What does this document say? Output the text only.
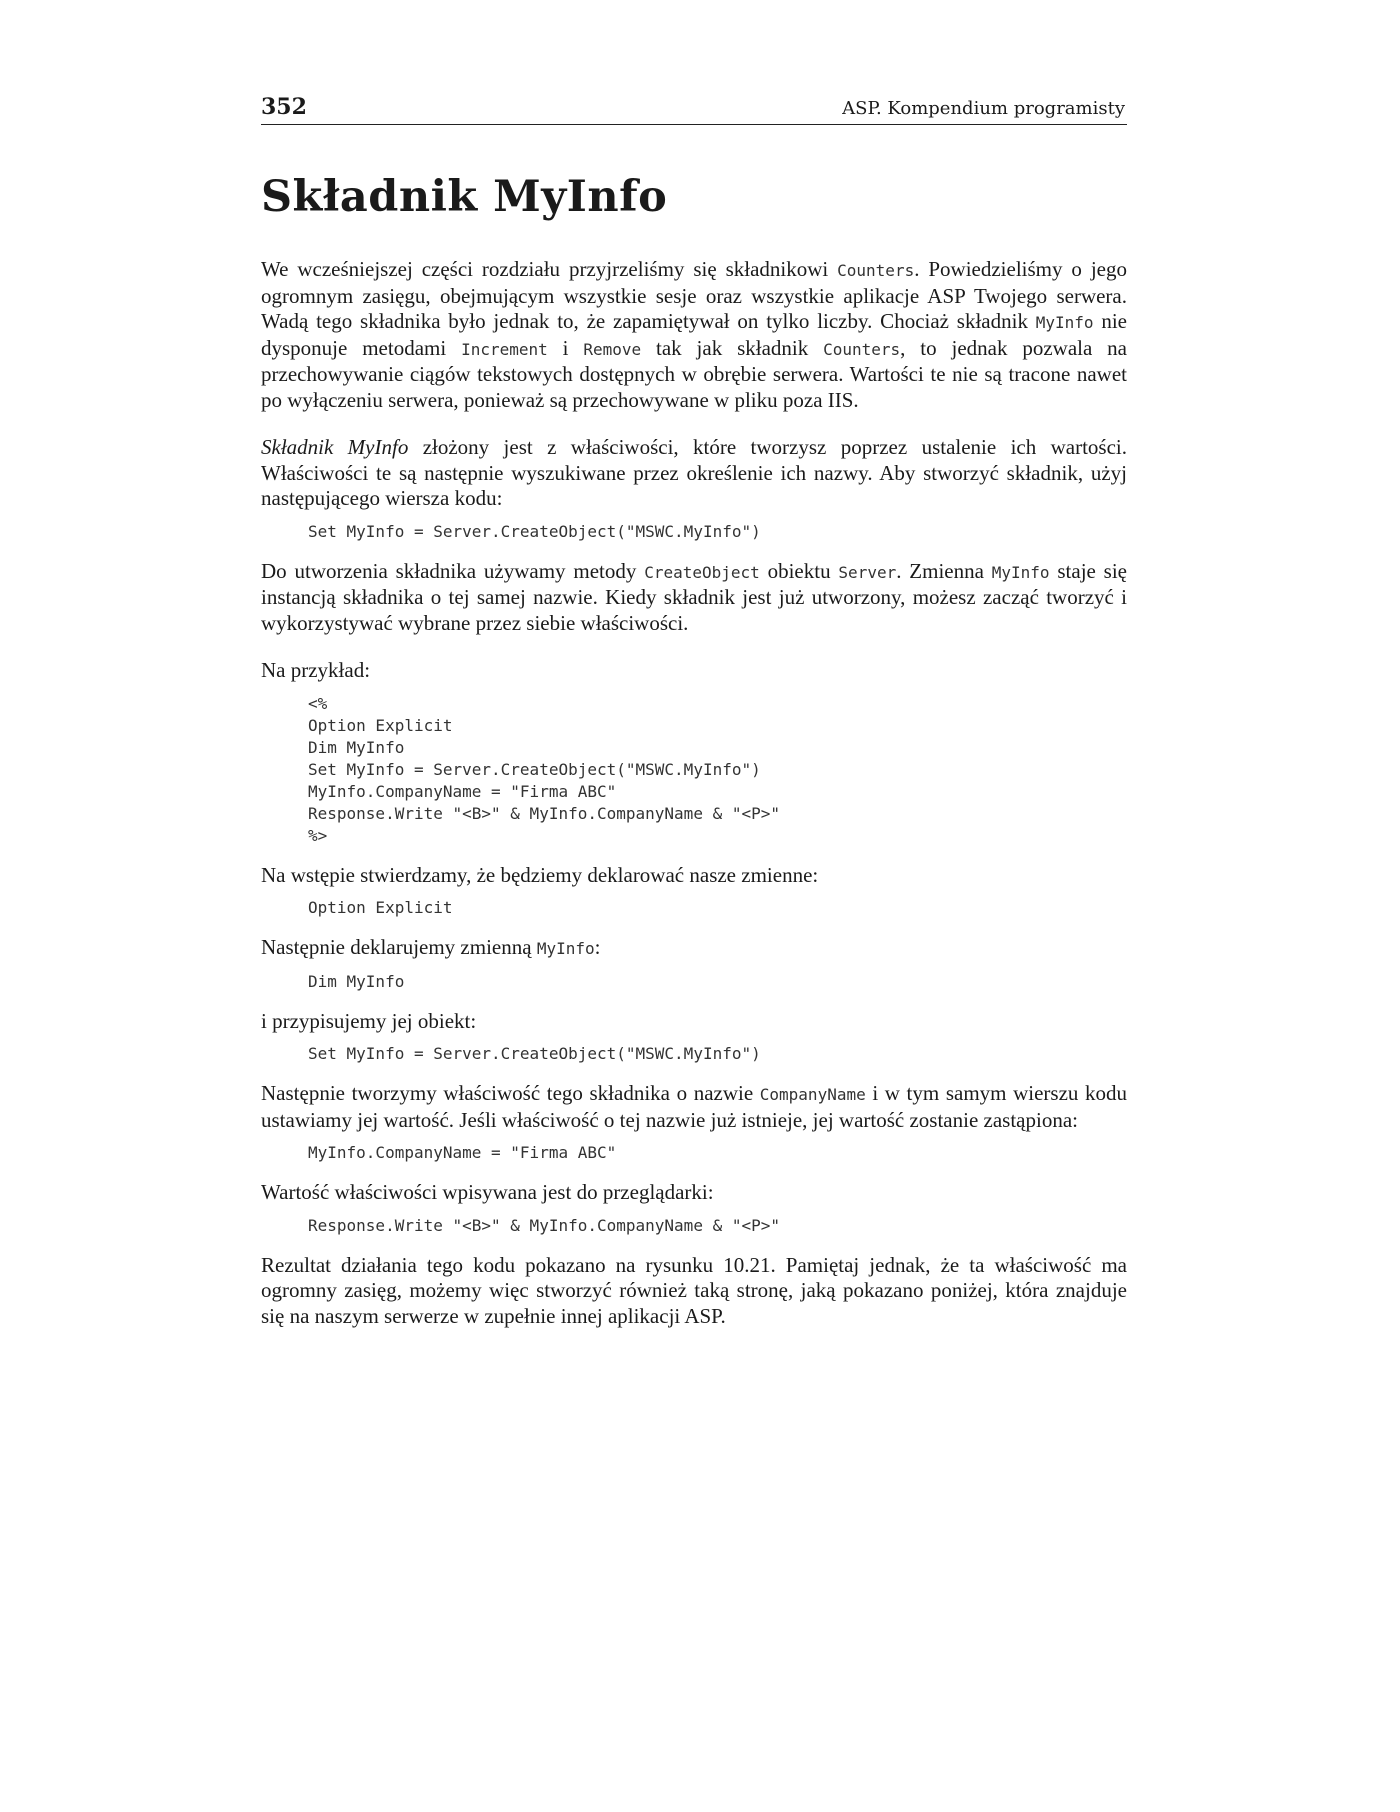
352	ASP. Kompendium programisty
Składnik MyInfo

We wcześniejszej części rozdziału przyjrzeliśmy się składnikowi Counters. Powiedzieliśmy o jego ogromnym zasięgu, obejmującym wszystkie sesje oraz wszystkie aplikacje ASP Twojego serwera. Wadą tego składnika było jednak to, że zapamiętywał on tylko liczby. Chociaż składnik MyInfo nie dysponuje metodami Increment i Remove tak jak składnik Counters, to jednak pozwala na przechowywanie ciągów tekstowych dostępnych w obrębie serwera. Wartości te nie są tracone nawet po wyłączeniu serwera, ponieważ są przechowywane w pliku poza IIS.

Składnik MyInfo złożony jest z właściwości, które tworzysz poprzez ustalenie ich wartości. Właściwości te są następnie wyszukiwane przez określenie ich nazwy. Aby stworzyć składnik, użyj następującego wiersza kodu:

Set MyInfo = Server.CreateObject("MSWC.MyInfo")

Do utworzenia składnika używamy metody CreateObject obiektu Server. Zmienna MyInfo staje się instancją składnika o tej samej nazwie. Kiedy składnik jest już utworzony, możesz zacząć tworzyć i wykorzystywać wybrane przez siebie właściwości.

Na przykład:

<%
Option Explicit
Dim MyInfo
Set MyInfo = Server.CreateObject("MSWC.MyInfo")
MyInfo.CompanyName = "Firma ABC"
Response.Write "<B>" & MyInfo.CompanyName & "<P>"
%>

Na wstępie stwierdzamy, że będziemy deklarować nasze zmienne:

Option Explicit

Następnie deklarujemy zmienną MyInfo:

Dim MyInfo

i przypisujemy jej obiekt:

Set MyInfo = Server.CreateObject("MSWC.MyInfo")

Następnie tworzymy właściwość tego składnika o nazwie CompanyName i w tym samym wierszu kodu ustawiamy jej wartość. Jeśli właściwość o tej nazwie już istnieje, jej wartość zostanie zastąpiona:

MyInfo.CompanyName = "Firma ABC"

Wartość właściwości wpisywana jest do przeglądarki:

Response.Write "<B>" & MyInfo.CompanyName & "<P>"

Rezultat działania tego kodu pokazano na rysunku 10.21. Pamiętaj jednak, że ta właściwość ma ogromny zasięg, możemy więc stworzyć również taką stronę, jaką pokazano poniżej, która znajduje się na naszym serwerze w zupełnie innej aplikacji ASP.
